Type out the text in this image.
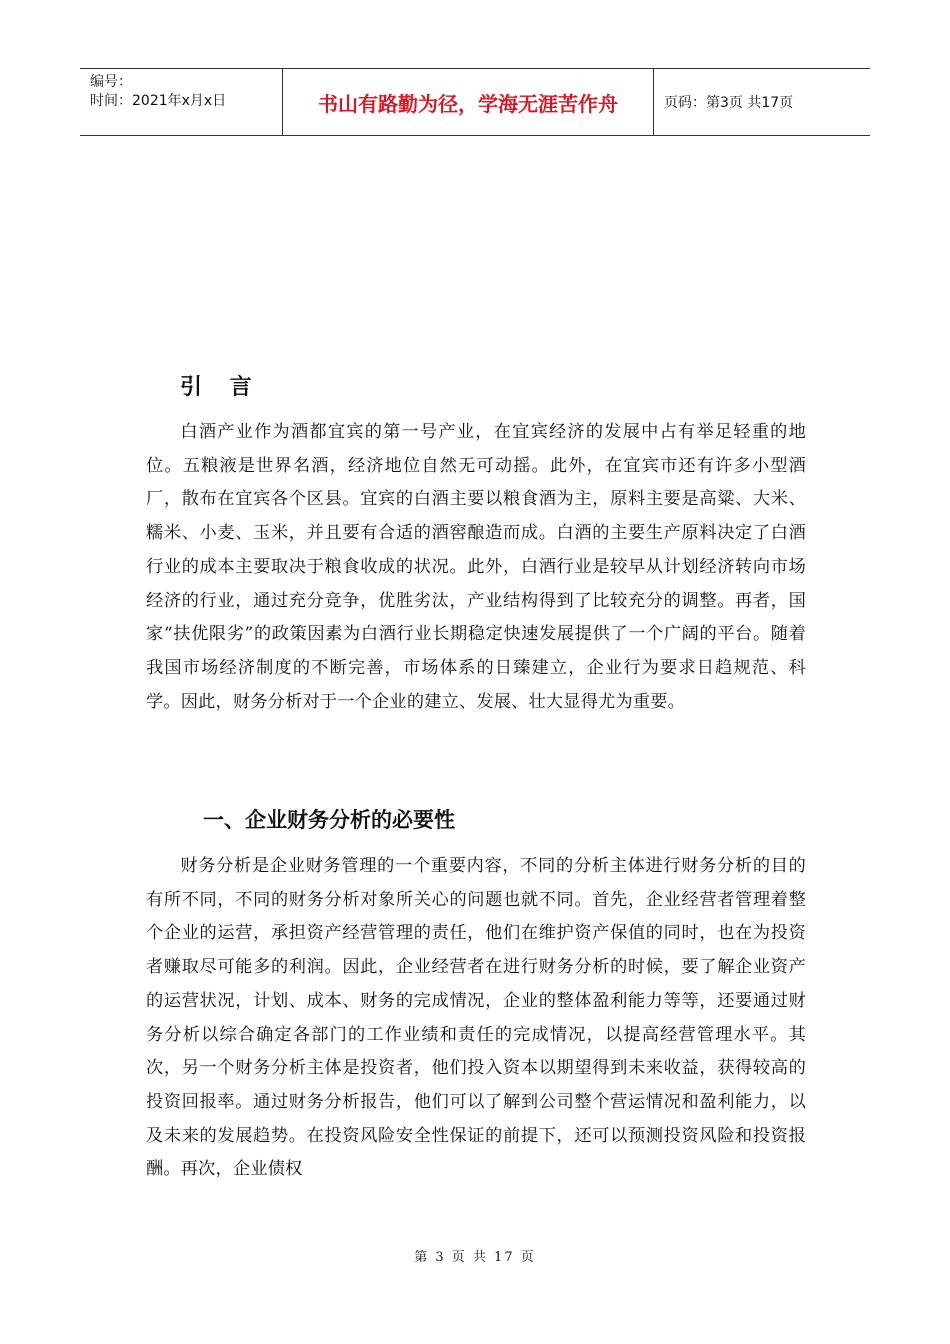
编号：
时间：2021年x月x日	书山有路勤为径，学海无涯苦作舟	页码：第3页 共17页
引 言

白酒产业作为酒都宜宾的第一号产业，在宜宾经济的发展中占有举足轻重的地位。五粮液是世界名酒，经济地位自然无可动摇。此外，在宜宾市还有许多小型酒厂，散布在宜宾各个区县。宜宾的白酒主要以粮食酒为主，原料主要是高粱、大米、糯米、小麦、玉米，并且要有合适的酒窖酿造而成。白酒的主要生产原料决定了白酒行业的成本主要取决于粮食收成的状况。此外，白酒行业是较早从计划经济转向市场经济的行业，通过充分竞争，优胜劣汰，产业结构得到了比较充分的调整。再者，国家“扶优限劣”的政策因素为白酒行业长期稳定快速发展提供了一个广阔的平台。随着我国市场经济制度的不断完善，市场体系的日臻建立，企业行为要求日趋规范、科学。因此，财务分析对于一个企业的建立、发展、壮大显得尤为重要。

一、企业财务分析的必要性

财务分析是企业财务管理的一个重要内容，不同的分析主体进行财务分析的目的有所不同，不同的财务分析对象所关心的问题也就不同。首先，企业经营者管理着整个企业的运营，承担资产经营管理的责任，他们在维护资产保值的同时，也在为投资者赚取尽可能多的利润。因此，企业经营者在进行财务分析的时候，要了解企业资产的运营状况，计划、成本、财务的完成情况，企业的整体盈利能力等等，还要通过财务分析以综合确定各部门的工作业绩和责任的完成情况，以提高经营管理水平。其次，另一个财务分析主体是投资者，他们投入资本以期望得到未来收益，获得较高的投资回报率。通过财务分析报告，他们可以了解到公司整个营运情况和盈利能力，以及未来的发展趋势。在投资风险安全性保证的前提下，还可以预测投资风险和投资报酬。再次，企业债权

第 3 页 共 17 页
